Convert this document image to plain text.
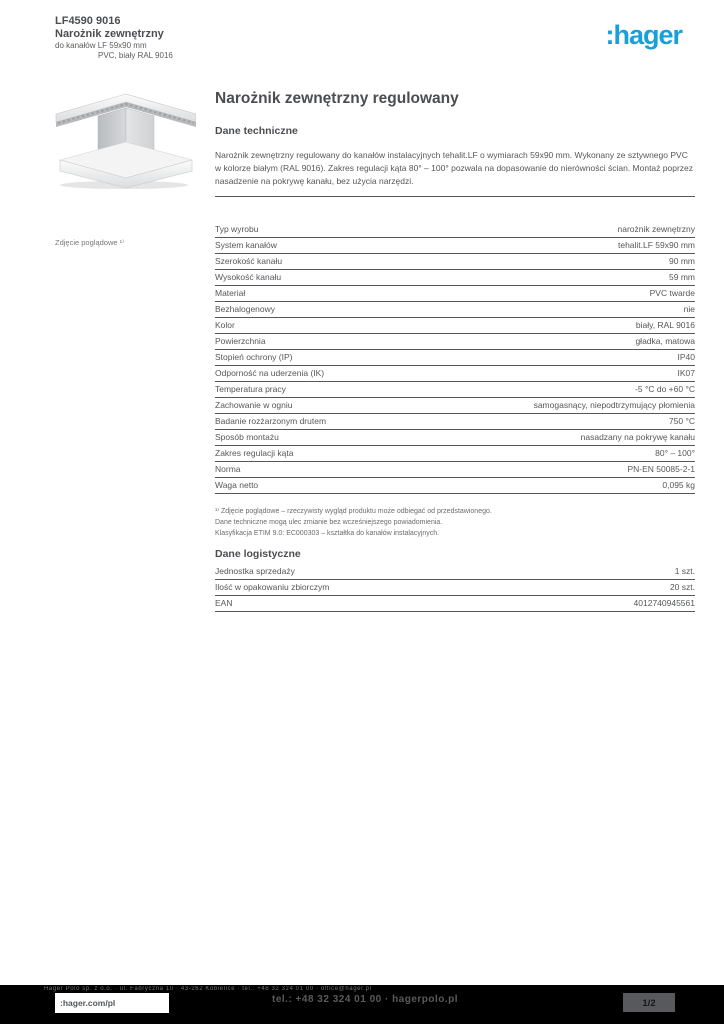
LF4590 9016
Narożnik zewnętrzny
do kanałów LF 59x90 mm
PVC, biały RAL 9016
:hager
Zdjęcie poglądowe ¹⁾
Narożnik zewnętrzny regulowany
Dane techniczne
Narożnik zewnętrzny regulowany do kanałów instalacyjnych tehalit.LF o wymiarach 59x90 mm. Wykonany ze sztywnego PVC w kolorze białym (RAL 9016). Zakres regulacji kąta 80° – 100° pozwala na dopasowanie do nierówności ścian. Montaż poprzez nasadzenie na pokrywę kanału, bez użycia narzędzi.
Typ wyrobu	narożnik zewnętrzny
System kanałów	tehalit.LF 59x90 mm
Szerokość kanału	90 mm
Wysokość kanału	59 mm
Materiał	PVC twarde
Bezhalogenowy	nie
Kolor	biały, RAL 9016
Powierzchnia	gładka, matowa
Stopień ochrony (IP)	IP40
Odporność na uderzenia (IK)	IK07
Temperatura pracy	-5 °C do +60 °C
Zachowanie w ogniu	samogasnący, niepodtrzymujący płomienia
Badanie rozżarzonym drutem	750 °C
Sposób montażu	nasadzany na pokrywę kanału
Zakres regulacji kąta	80° – 100°
Norma	PN-EN 50085-2-1
Waga netto	0,095 kg
¹⁾ Zdjęcie poglądowe – rzeczywisty wygląd produktu może odbiegać od przedstawionego.
Dane techniczne mogą ulec zmianie bez wcześniejszego powiadomienia.
Klasyfikacja ETIM 9.0: EC000303 – kształtka do kanałów instalacyjnych.
Dane logistyczne
Jednostka sprzedaży	1 szt.
Ilość w opakowaniu zbiorczym	20 szt.
EAN	4012740945561
Hager Polo sp. z o.o. · ul. Fabryczna 10 · 43-262 Kobielice · tel.: +48 32 324 01 00 · office@hager.pl
:hager.com/pl	tel.: +48 32 324 01 00 · hagerpolo.pl	1/2
